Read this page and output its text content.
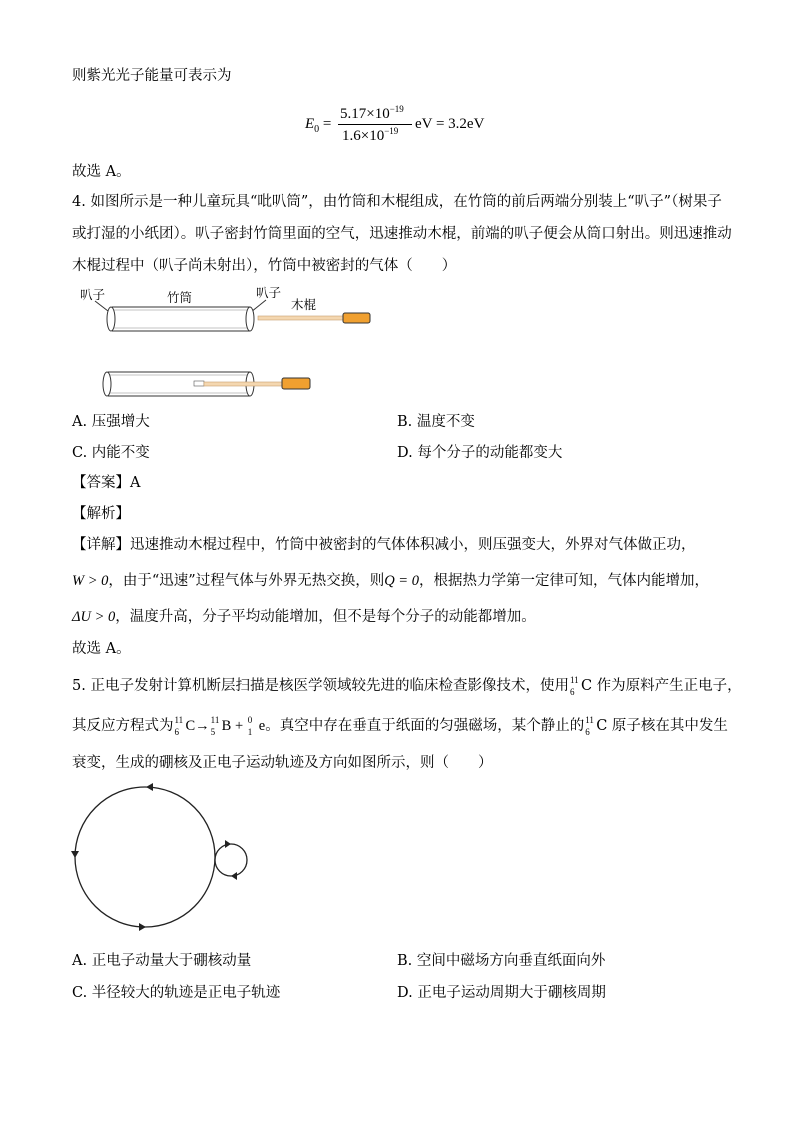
则紫光光子能量可表示为
$E_0$ =
$5.17\times 10^{-19}$
$1.6\times 10^{-19}$ eV = 3.2eV
故选 A。
4. 如图所示是一种儿童玩具“吡叭筒”，由竹筒和木棍组成，在竹筒的前后两端分别装上“叭子”（树果子
或打湿的小纸团）。叭子密封竹筒里面的空气，迅速推动木棍，前端的叭子便会从筒口射出。则迅速推动
木棍过程中（叭子尚未射出），竹筒中被密封的气体（　　）
叭子	竹筒	叭子
木棍
A. 压强增大	B. 温度不变
C. 内能不变	D. 每个分子的动能都变大
【答案】A
【解析】
【详解】迅速推动木棍过程中，竹筒中被密封的气体体积减小，则压强变大，外界对气体做正功，
W > 0，由于“迅速”过程气体与外界无热交换，则Q = 0，根据热力学第一定律可知，气体内能增加，
ΔU > 0，温度升高，分子平均动能增加，但不是每个分子的动能都增加。
故选 A。
5. 正电子发射计算机断层扫描是核医学领域较先进的临床检查影像技术，使用 11
6 C 作为原料产生正电子，
其反应方程式为 11
6 C→ 11
5 B + 0
1 e。真空中存在垂直于纸面的匀强磁场，某个静止的 11
6 C 原子核在其中发生
衰变，生成的硼核及正电子运动轨迹及方向如图所示，则（　　）
A. 正电子动量大于硼核动量	B. 空间中磁场方向垂直纸面向外
C. 半径较大的轨迹是正电子轨迹	D. 正电子运动周期大于硼核周期
